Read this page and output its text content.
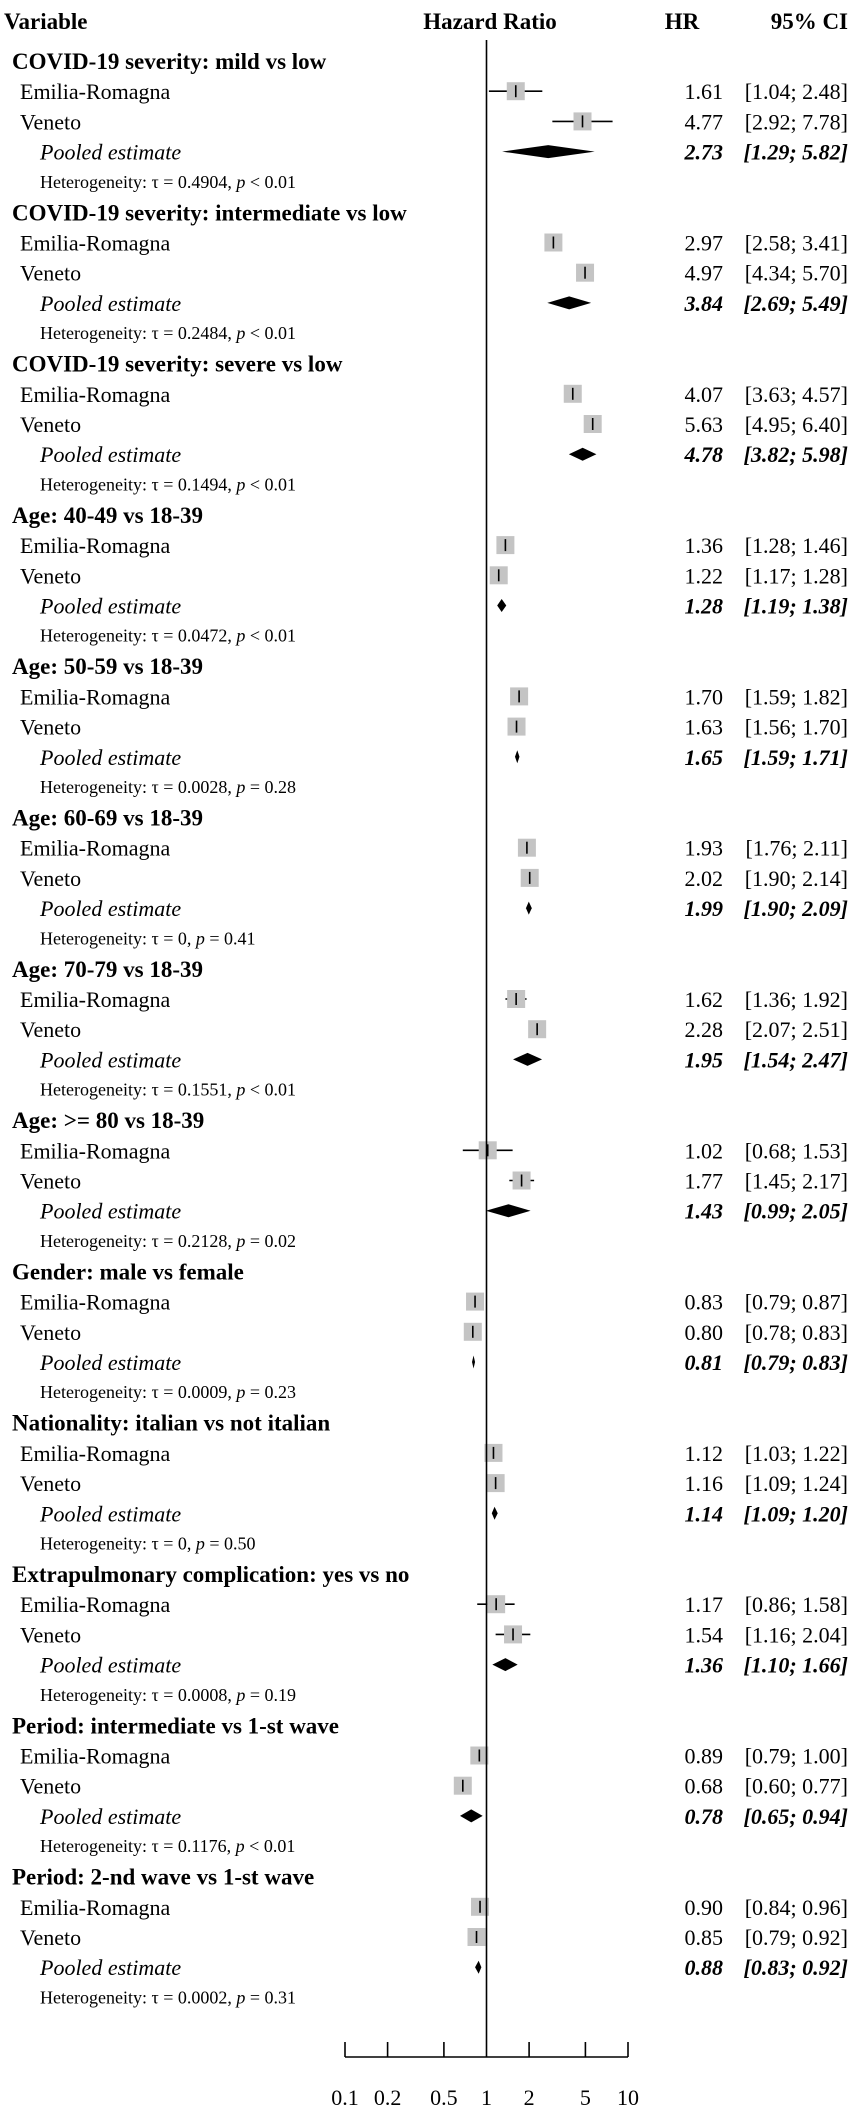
Variable	Hazard Ratio	HR	95% CI
COVID-19 severity: mild vs low
Emilia-Romagna	1.61 [1.04; 2.48]
Veneto	4.77 [2.92; 7.78]
Pooled estimate	2.73 [1.29; 5.82]
Heterogeneity: τ = 0.4904, p < 0.01
COVID-19 severity: intermediate vs low
Emilia-Romagna	2.97 [2.58; 3.41]
Veneto	4.97 [4.34; 5.70]
Pooled estimate	3.84 [2.69; 5.49]
Heterogeneity: τ = 0.2484, p < 0.01
COVID-19 severity: severe vs low
Emilia-Romagna	4.07 [3.63; 4.57]
Veneto	5.63 [4.95; 6.40]
Pooled estimate	4.78 [3.82; 5.98]
Heterogeneity: τ = 0.1494, p < 0.01
Age: 40-49 vs 18-39
Emilia-Romagna	1.36 [1.28; 1.46]
Veneto	1.22 [1.17; 1.28]
Pooled estimate	1.28 [1.19; 1.38]
Heterogeneity: τ = 0.0472, p < 0.01
Age: 50-59 vs 18-39
Emilia-Romagna	1.70 [1.59; 1.82]
Veneto	1.63 [1.56; 1.70]
Pooled estimate	1.65 [1.59; 1.71]
Heterogeneity: τ = 0.0028, p = 0.28
Age: 60-69 vs 18-39
Emilia-Romagna	1.93 [1.76; 2.11]
Veneto	2.02 [1.90; 2.14]
Pooled estimate	1.99 [1.90; 2.09]
Heterogeneity: τ = 0, p = 0.41
Age: 70-79 vs 18-39
Emilia-Romagna	1.62 [1.36; 1.92]
Veneto	2.28 [2.07; 2.51]
Pooled estimate	1.95 [1.54; 2.47]
Heterogeneity: τ = 0.1551, p < 0.01
Age: >= 80 vs 18-39
Emilia-Romagna	1.02 [0.68; 1.53]
Veneto	1.77 [1.45; 2.17]
Pooled estimate	1.43 [0.99; 2.05]
Heterogeneity: τ = 0.2128, p = 0.02
Gender: male vs female
Emilia-Romagna	0.83 [0.79; 0.87]
Veneto	0.80 [0.78; 0.83]
Pooled estimate	0.81 [0.79; 0.83]
Heterogeneity: τ = 0.0009, p = 0.23
Nationality: italian vs not italian
Emilia-Romagna	1.12 [1.03; 1.22]
Veneto	1.16 [1.09; 1.24]
Pooled estimate	1.14 [1.09; 1.20]
Heterogeneity: τ = 0, p = 0.50
Extrapulmonary complication: yes vs no
Emilia-Romagna	1.17 [0.86; 1.58]
Veneto	1.54 [1.16; 2.04]
Pooled estimate	1.36 [1.10; 1.66]
Heterogeneity: τ = 0.0008, p = 0.19
Period: intermediate vs 1-st wave
Emilia-Romagna	0.89 [0.79; 1.00]
Veneto	0.68 [0.60; 0.77]
Pooled estimate	0.78 [0.65; 0.94]
Heterogeneity: τ = 0.1176, p < 0.01
Period: 2-nd wave vs 1-st wave
Emilia-Romagna	0.90 [0.84; 0.96]
Veneto	0.85 [0.79; 0.92]
Pooled estimate	0.88 [0.83; 0.92]
Heterogeneity: τ = 0.0002, p = 0.31
0.1 0.2 0.5 1 2 5 10
